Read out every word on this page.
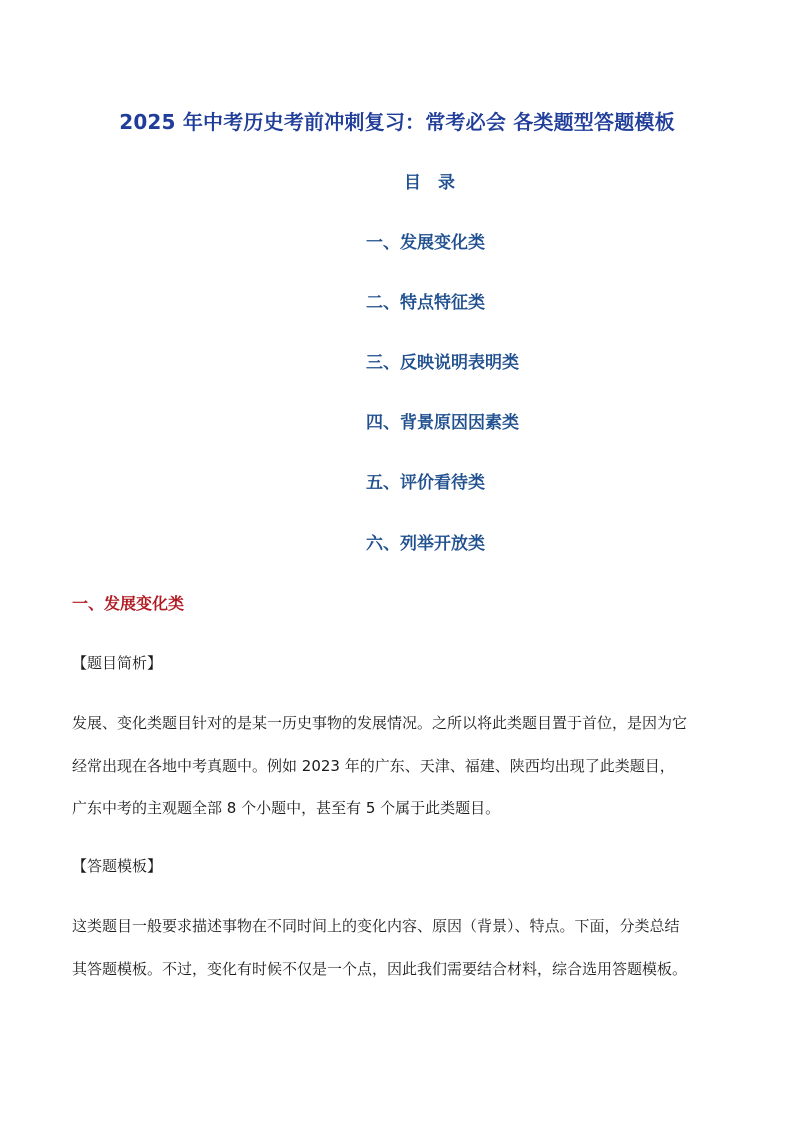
2025 年中考历史考前冲刺复习：常考必会 各类题型答题模板
目　录
一、发展变化类
二、特点特征类
三、反映说明表明类
四、背景原因因素类
五、评价看待类
六、列举开放类
一、发展变化类
【题目简析】
发展、变化类题目针对的是某一历史事物的发展情况。之所以将此类题目置于首位，是因为它
经常出现在各地中考真题中。例如 2023 年的广东、天津、福建、陕西均出现了此类题目，
广东中考的主观题全部 8 个小题中，甚至有 5 个属于此类题目。
【答题模板】
这类题目一般要求描述事物在不同时间上的变化内容、原因（背景）、特点。下面，分类总结
其答题模板。不过，变化有时候不仅是一个点，因此我们需要结合材料，综合选用答题模板。
